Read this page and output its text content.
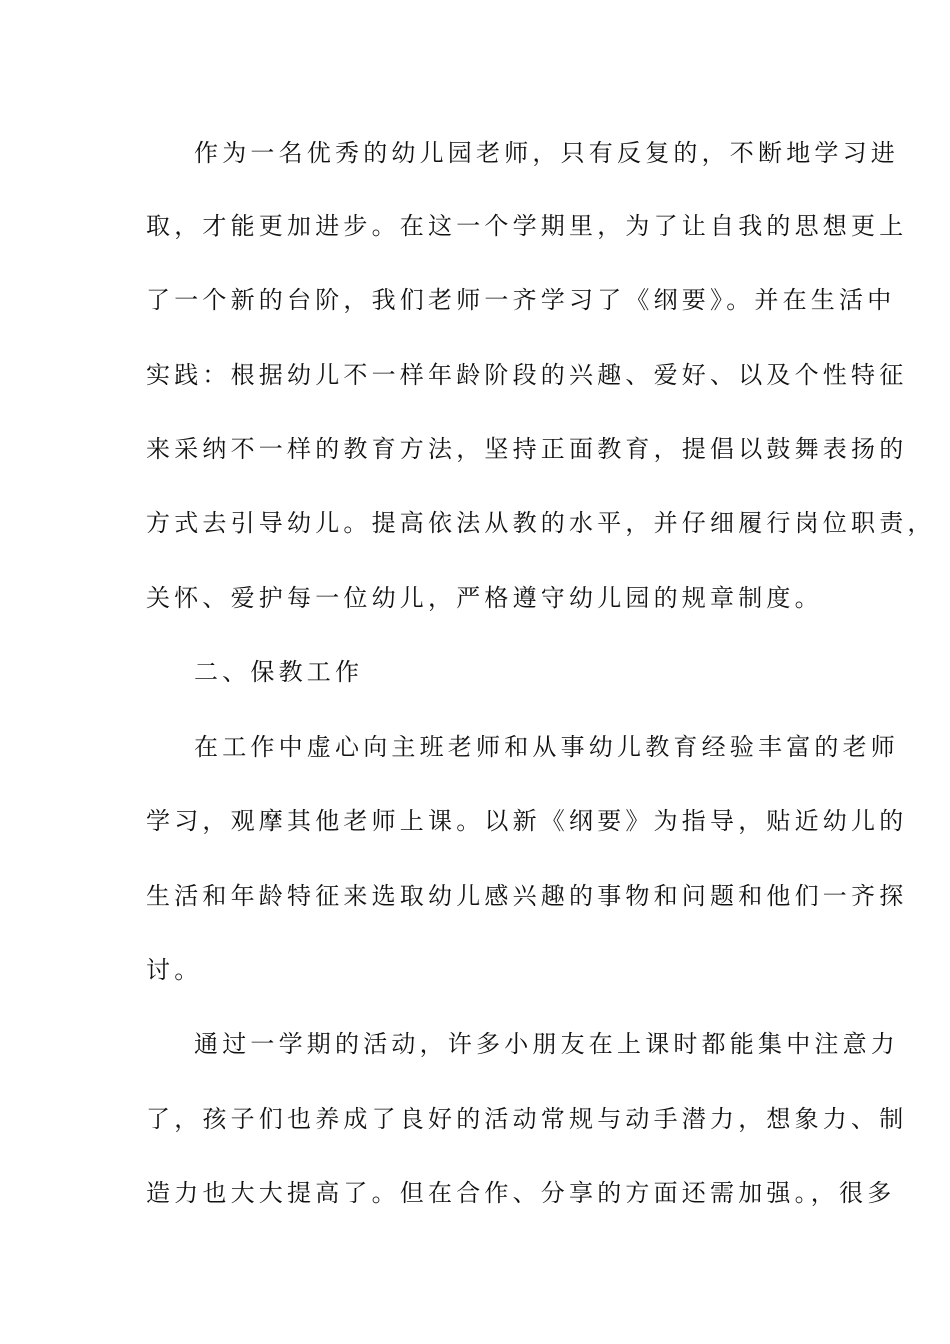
作为一名优秀的幼儿园老师，只有反复的，不断地学习进
取，才能更加进步。在这一个学期里，为了让自我的思想更上
了一个新的台阶，我们老师一齐学习了《纲要》。并在生活中
实践：根据幼儿不一样年龄阶段的兴趣、爱好、以及个性特征
来采纳不一样的教育方法，坚持正面教育，提倡以鼓舞表扬的
方式去引导幼儿。提高依法从教的水平，并仔细履行岗位职责，
关怀、爱护每一位幼儿，严格遵守幼儿园的规章制度。
二、保教工作
在工作中虚心向主班老师和从事幼儿教育经验丰富的老师
学习，观摩其他老师上课。以新《纲要》为指导，贴近幼儿的
生活和年龄特征来选取幼儿感兴趣的事物和问题和他们一齐探
讨。
通过一学期的活动，许多小朋友在上课时都能集中注意力
了，孩子们也养成了良好的活动常规与动手潜力，想象力、制
造力也大大提高了。但在合作、分享的方面还需加强。，很多
